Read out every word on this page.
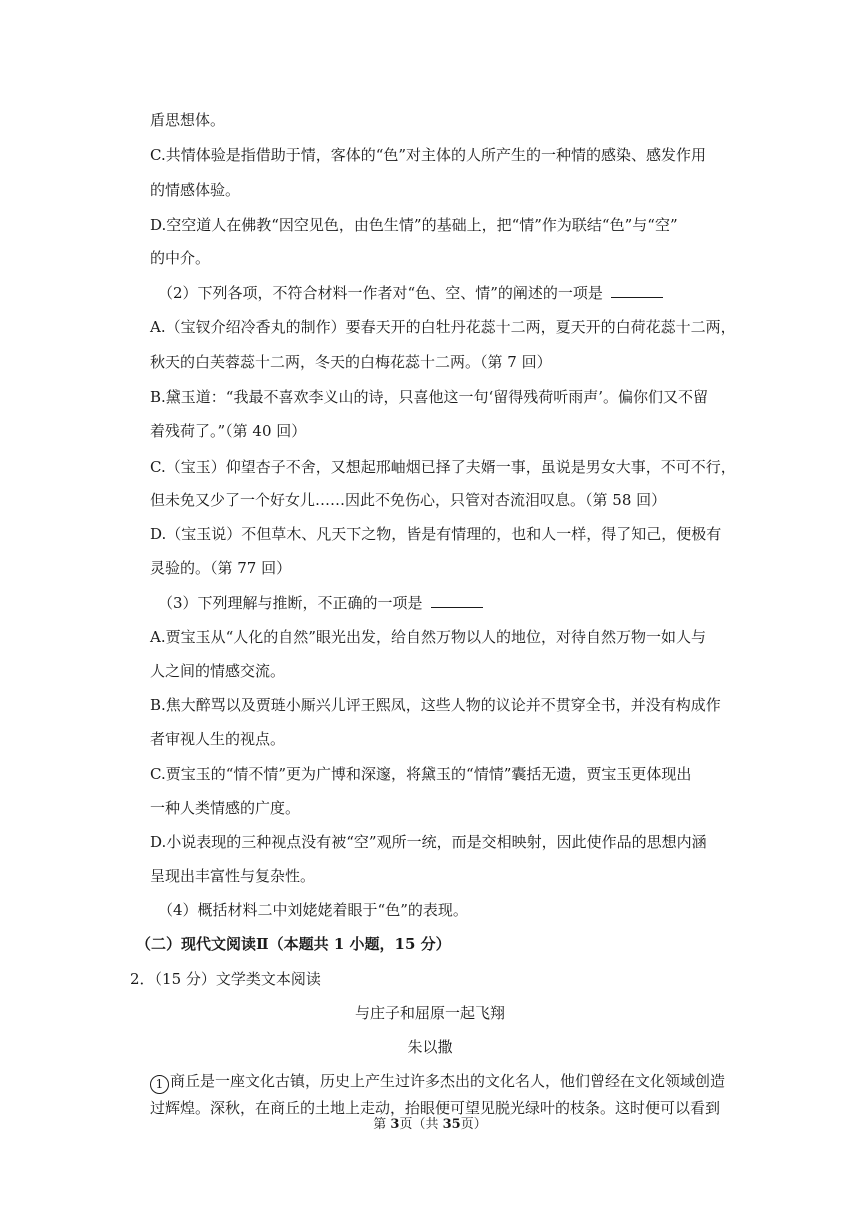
盾思想体。
C.共情体验是指借助于情，客体的“色”对主体的人所产生的一种情的感染、感发作用
的情感体验。
D.空空道人在佛教“因空见色，由色生情”的基础上，把“情”作为联结“色”与“空”
的中介。
（2）下列各项，不符合材料一作者对“色、空、情”的阐述的一项是
A.（宝钗介绍冷香丸的制作）要春天开的白牡丹花蕊十二两，夏天开的白荷花蕊十二两，
秋天的白芙蓉蕊十二两，冬天的白梅花蕊十二两。（第 7 回）
B.黛玉道：“我最不喜欢李义山的诗，只喜他这一句‘留得残荷听雨声’。偏你们又不留
着残荷了。”（第 40 回）
C.（宝玉）仰望杏子不舍，又想起邢岫烟已择了夫婿一事，虽说是男女大事，不可不行，
但未免又少了一个好女儿……因此不免伤心，只管对杏流泪叹息。（第 58 回）
D.（宝玉说）不但草木、凡天下之物，皆是有情理的，也和人一样，得了知己，便极有
灵验的。（第 77 回）
（3）下列理解与推断，不正确的一项是
A.贾宝玉从“人化的自然”眼光出发，给自然万物以人的地位，对待自然万物一如人与
人之间的情感交流。
B.焦大醉骂以及贾琏小厮兴儿评王熙凤，这些人物的议论并不贯穿全书，并没有构成作
者审视人生的视点。
C.贾宝玉的“情不情”更为广博和深邃，将黛玉的“情情”囊括无遗，贾宝玉更体现出
一种人类情感的广度。
D.小说表现的三种视点没有被“空”观所一统，而是交相映射，因此使作品的思想内涵
呈现出丰富性与复杂性。
（4）概括材料二中刘姥姥着眼于“色”的表现。
（二）现代文阅读Ⅱ（本题共 1 小题，15 分）
2．（15 分）文学类文本阅读
与庄子和屈原一起飞翔
朱以撒
1 商丘是一座文化古镇，历史上产生过许多杰出的文化名人，他们曾经在文化领域创造
过辉煌。深秋，在商丘的土地上走动，抬眼便可望见脱光绿叶的枝条。这时便可以看到
第 3页（共 35页）
